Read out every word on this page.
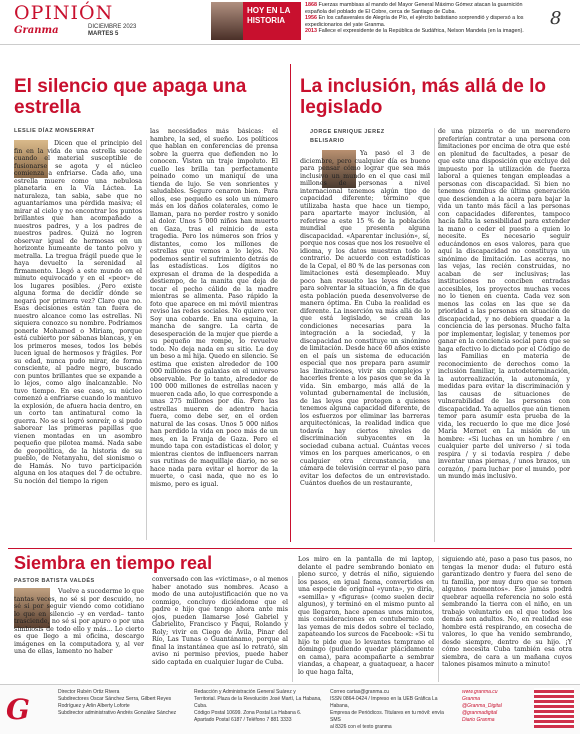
OPINIÓN
Granma	DICIEMBRE 2023
MARTES 5
HOY EN LA HISTORIA
1868 Fuerzas mambisas al mando del Mayor General Máximo Gómez atacan la guarnición española del poblado de El Cobre, cerca de Santiago de Cuba.
1956 En los cañaverales de Alegría de Pío, el ejército batistiano sorprendió y dispersó a los expedicionarios del yate Granma.
2013 Fallece el expresidente de la República de Sudáfrica, Nelson Mandela (en la imagen).
8
El silencio que apaga una estrella
LESLIE DÍAZ MONSERRAT
Dicen que el principio del fin en la vida de una estrella sucede cuando el material susceptible de fusionarse se agota y el núcleo comienza a enfriarse. Cada año, una estrella muere como una nebulosa planetaria en la Vía Láctea. La naturaleza, tan sabia, sabe que no aguantaríamos una pérdida masiva; el mirar al cielo y no encontrar los puntos brillantes que han acompañado a nuestros padres, y a los padres de nuestros padres. Quizá no logren observar igual de hermosas en un horizonte humeante de tanto polvo y metralla. La tregua frágil puede que le haya devuelto la serenidad al firmamento. Llegó a este mundo en el minuto equivocado y en el «peor» de los lugares posibles. ¿Pero existe alguna forma de decidir dónde se negará por primera vez? Claro que no. Esas decisiones están tan fuera de nuestro alcance como las estrellas. Ni siquiera conozco su nombre. Podríamos ponerle Mohamed o Miriam, porque está cubierto por sábanas blancas, y en los primeros meses, todos los bebés lucen igual de hermosos y frágiles. Por su edad, nunca pudo mirar, de forma consciente, al padre negro, buscado con puntos brillantes que se expande a lo lejos, como algo inalcanzable. No tuvo tiempo. En ese caso, su núcleo comenzó a enfriarse cuando lo mantuvo la explosión, de afuera hacia dentro, en un corto tan antinatural como la guerra. No se si logró sonreír, o si pudo saborear las primeras papillas que vienen montadas en un asombro pequeño que pilotea mamá. Nada sabe de geopolítica, de la historia de su pueblo, de Netanyahu, del sionismo o de Hamás. No tuvo participación alguna en los ataques del 7 de octubre. Su noción del tiempo la rigen
las necesidades más básicas: el hambre, la sed, el sueño. Los políticos que hablan en conferencias de prensa sobre la guerra que defienden no lo conocen. Visten un traje impoluto. El cuello les brilla tan perfectamente peinado como un maniquí de una tienda de lujo. Se ven sonrientes y saludables. Seguro cenaron bien. Para ellos, ese pequeño es solo un número más en los daños colaterales, como le llaman, para no perder rostro y sonido al dolor. Unos 5 000 niños han muerto en Gaza, tras el reinicio de esta tragedia. Pero los números son fríos y distantes, como los millones de estrellas que vemos a lo lejos. No podemos sentir el sufrimiento detrás de las estadísticas. Los dígitos no expresan el drama de la despedida a destiempo, de la manita que deja de tocar el pecho cálido de la madre mientras se alimenta. Paso rápido la foto que aparece en mi móvil mientras reviso las redes sociales. No quiero ver. Soy una cobarde. En una esquina, la mancha de sangre. La carta de desesperación de la mujer que pierde a su pequeño me rompe, lo revuelve todo. No deja nada en su sitio. Le doy un beso a mi hija. Quedo en silencio. Se estima que existen alrededor de 100 000 millones de galaxias en el universo observable. Por lo tanto, alrededor de 100 000 millones de estrellas nacen y mueren cada año, lo que corresponde a unas 275 millones por día. Pero las estrellas mueren de adentro hacia fuera, como debe ser, en el orden natural de las cosas. Unos 5 000 niños han perdido la vida en poco más de un mes, en la Franja de Gaza. Pero el mundo tapa con estadísticas el dolor, y mientras cientos de influencers narran sus rutinas de maquillaje diario, no se hace nada para evitar el horror de la muerte, o casi nada, que no es lo mismo, pero es igual.
La inclusión, más allá de lo legislado
JORGE ENRIQUE JEREZ BELISARIO
Ya pasó el 3 de diciembre, pero cualquier día es bueno para pensar cómo lograr que sea más inclusivo un mundo en el que casi mil millones de personas a nivel internacional tenemos algún tipo de capacidad diferente; término que utilizaba hasta que hace un tiempo, para apartarte mayor inclusión, al referirse a este 15 % de la población mundial que presenta alguna discapacidad. «Aparentar inclusión», sí, porque nos cosas que nos los resuelve el idioma, y los datos muestran todo lo contrario. De acuerdo con estadísticas de la Cepal, el 80 % de las personas con limitaciones está desempleado. Muy poco han resuelto las leyes dictadas para solventar la situación, a fin de que esta población pueda desenvolverse de manera óptima. En Cuba la realidad es diferente. La inserción va más allá de lo que está legislado, se crean las condiciones necesarias para la integración a la sociedad, y la discapacidad no constituye un sinónimo de limitación. Desde hace 60 años existe en el país un sistema de educación especial que nos prepara para asumir las limitaciones, vivir sin complejos y hacerles frente a los pasos que se da la vida. Sin embargo, más allá de la voluntad gubernamental de inclusión, de las leyes que protegen a quienes tenemos alguna capacidad diferente, de los esfuerzos por eliminar las barreras arquitectónicas, la realidad indica que todavía hay ciertos niveles de discriminación subyacentes en la sociedad cubana actual. Cuántas veces vimos en los parques americanos, o en cualquier otra circunstancia, una cámara de televisión cerrar el paso para evitar los defectos de un entrevistado. Cuántos dueños de un restaurante,
de una pizzería o de un merendero preferirían contratar a una persona con limitaciones por encima de otra que esté en plenitud de facultades, a pesar de que este una disposición que excluye del impuesto por la utilización de fuerza laboral a quienes tengan empleadas a personas con discapacidad. Si bien no tenemos ómnibus de última generación que descienden a la acera para bajar la vida un tanto más fácil a las personas con capacidades diferentes, tampoco hacía falta la sensibilidad para extender la mano o ceder el puesto a quien lo necesite. Es necesario seguir educándonos en esos valores, para que aquí la discapacidad no constituya un sinónimo de limitación. Las aceras, no las vejas, las recién construidas, no acaban de ser inclusivas; las instituciones no conciben entradas accesibles, los proyectos muchas veces no lo tienen en cuenta. Cada vez son menos las colas en las que se da prioridad a las personas en situación de discapacidad, y no debiera quedar a la conciencia de las personas. Mucho falta por implementar, legislar, y tenemos por ganar en la conciencia social para que se haga efectivo lo dictado por el Código de las Familias en materia de reconocimiento de derechos como la inclusión familiar, la autodeterminación, la autorrealización, la autonomía, y medidas para evitar la discriminación y las causas de situaciones de vulnerabilidad de las personas con discapacidad. Ya aquellos que aún tienen temor para asumir esta prueba de la vida, les recuerdo lo que me dice José María Mernet en La misión de un hombre: «Si luchas en un hombre / en cualquier parte del universo / si toda respira / y si todavía respira / debe inventar unas piernas, / unos brazos, un corazón, / para luchar por el mundo, por un mundo más inclusivo.
Siembra en tiempo real
PASTOR BATISTA VALDÉS
Vuelve a sucederme lo que tantas veces, no sé si por descuido, no sé si por seguir viendo como cotidiano lo que en silencio –y en verdad– tanto trasciende, no sé si por apuro o por una simbiosis de todo ello y más... Lo cierto es que llego a mi oficina, descargo imágenes en la computadora y, al ver una de ellas, lamento no haber
conversado con las «víctimas», o al menos haber anotado sus nombres. Acaso a modo de una autojustificación que no va conmigo, concluyo diciéndome que el padre e hijo que tengo ahora ante mis ojos, pueden llamarse José Gabriel y Gabrielito, Francisco y Paqui, Rolando y Roly; vivir en Ciego de Ávila, Pinar del Río, Las Tunas o Guantánamo, porque al final la instantánea que así lo retrató, sin aviso ni permiso previos, puede haber sido captada en cualquier lugar de Cuba.
Los miro en la pantalla de mi laptop, delante el padre sembrando boniato en pleno surco, y detrás el niño, siguiendo los pasos, en igual faena, convertidos en una especie de original «yuntа», yo diría, «semilla» y «figuras» (como suelen decir algunos), y terminó en el mismo punto al que llegaron, hace apenas unos minutos, mis consideraciones en contubernio con las yemas de mis dedos sobre el teclado, zapateando los surcos de Facebook: «Si tu hijo te pide que lo levantes temprano el domingo (pudiendo quedar plácidamente en cama), para acompañarte a sembrar viandas, a chapear, a guataquear, a hacer lo que haga falta,
siguiendo até, paso a paso tus pasos, no tengas la menor duda: el futuro está garantizado dentro y fuera del seno de tu familia, por muy duro que se tornen algunos momentos». Eso jamás podrá quebrar aquella referencia no solo está sembrando la tierra con el niño, en un trabajo voluntario en el que todos los demás son adultos. No, en realidad ese hombre está respirando, en cosecha de valores, lo que ha venido sembrando, desde siempre, dentro de su hijo. ¡Y cómo necesita Cuba también esa otra siembra, de cara a un mañana cuyos talones pisamos minuto a minuto!
G
Director Rubén Ortiz Rivera
Subdirectores Oscar Sánchez Serra, Gilbert Reyes
Rodríguez y Arlin Alberty Loforte
Subdirector administrativo Andrés González Sánchez
Redacción y Administración General Suárez y
Territorial. Plaza de la Revolución José Martí, La Habana, Cuba.
Código Postal 10699. Zona Postal La Habana 6.
Apartado Postal 6187 / Teléfono 7 881 3333
Correo cartas@granma.cu
ISSN 0864-0424 / Impreso en la UEB Gráfica La Habana,
Empresa de Periódicos. Titulares en tu móvil: envía SMS
al 8326 con el texto granma
www.granma.cu
Granma
@Granma_Digital
@granmadigital
Diario Granma
